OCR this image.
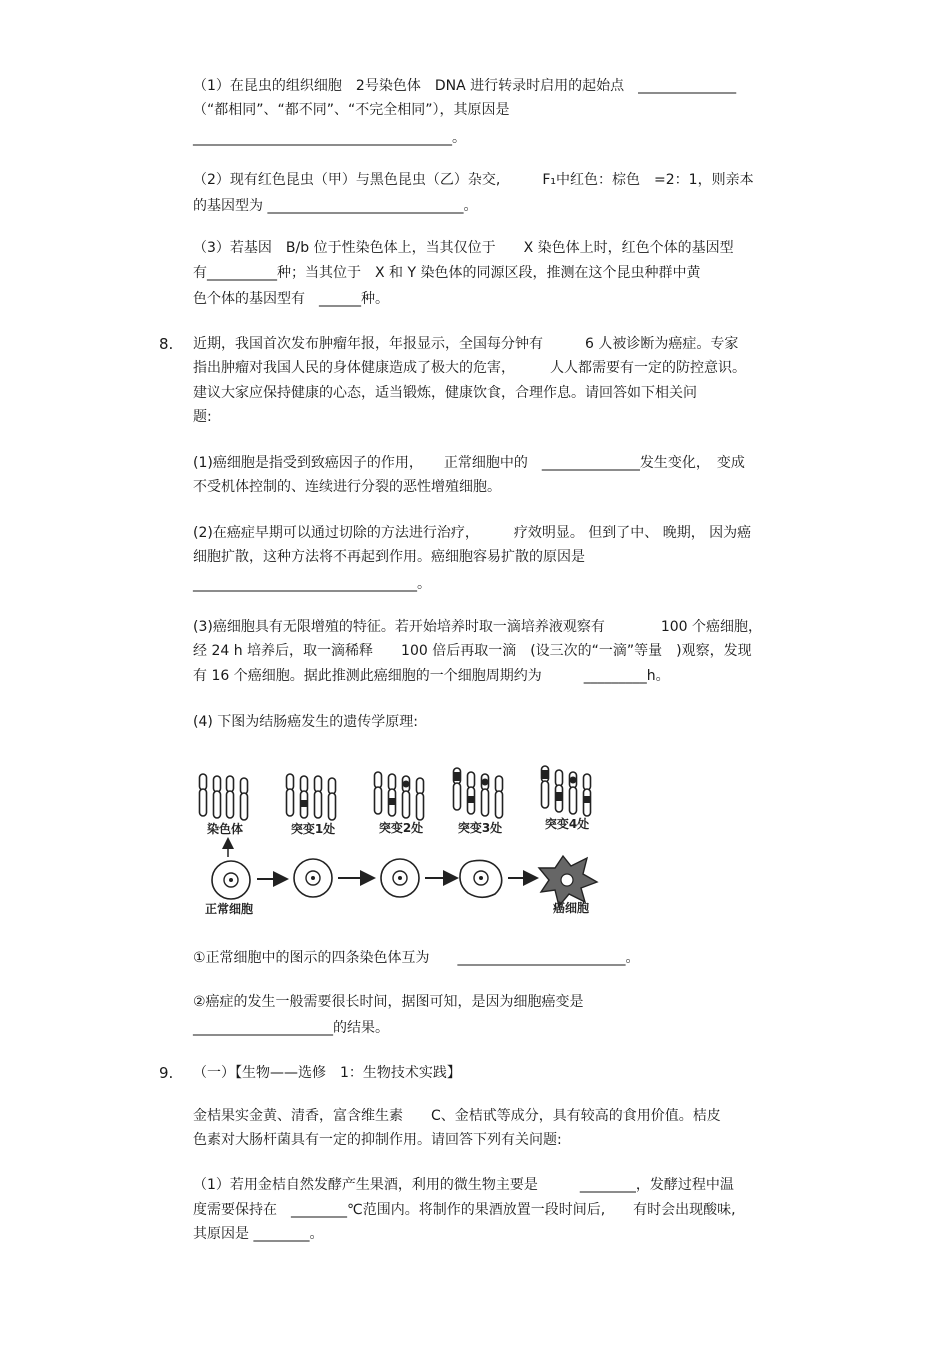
（1）在昆虫的组织细胞　2号染色体　DNA 进行转录时启用的起始点　______________
（“都相同”、“都不同”、“不完全相同”），其原因是
_____________________________________。
（2）现有红色昆虫（甲）与黑色昆虫（乙）杂交,　　　F₁中红色：棕色　=2：1，则亲本
的基因型为 ____________________________。
（3）若基因　B/b 位于性染色体上，当其仅位于　　X 染色体上时，红色个体的基因型
有__________种；当其位于　X 和 Y 染色体的同源区段，推测在这个昆虫种群中黄
色个体的基因型有　______种。
8. 近期，我国首次发布肿瘤年报，年报显示，全国每分钟有　　　6 人被诊断为癌症。专家
指出肿瘤对我国人民的身体健康造成了极大的危害，　　　人人都需要有一定的防控意识。
建议大家应保持健康的心态，适当锻炼，健康饮食，合理作息。请回答如下相关问
题:
(1)癌细胞是指受到致癌因子的作用，　　正常细胞中的　______________发生变化，　变成
不受机体控制的、连续进行分裂的恶性增殖细胞。
(2)在癌症早期可以通过切除的方法进行治疗，　　　疗效明显。 但到了中、 晚期， 因为癌
细胞扩散，这种方法将不再起到作用。癌细胞容易扩散的原因是
________________________________。
(3)癌细胞具有无限增殖的特征。若开始培养时取一滴培养液观察有　　　　100 个癌细胞，
经 24 h 培养后，取一滴稀释　　100 倍后再取一滴　(设三次的“一滴”等量　)观察，发现
有 16 个癌细胞。据此推测此癌细胞的一个细胞周期约为　　　_________h。
(4) 下图为结肠癌发生的遗传学原理:
染色体	突变1处	突变2处	突变3处	突变4处
正常细胞	癌细胞
①正常细胞中的图示的四条染色体互为　　________________________。
②癌症的发生一般需要很长时间，据图可知，是因为细胞癌变是
____________________的结果。
9. （一）【生物——选修　1：生物技术实践】
金桔果实金黄、清香，富含维生素　　C、金桔甙等成分，具有较高的食用价值。桔皮
色素对大肠杆菌具有一定的抑制作用。请回答下列有关问题:
（1）若用金桔自然发酵产生果酒，利用的微生物主要是　　　________，发酵过程中温
度需要保持在　________℃范围内。将制作的果酒放置一段时间后,　　有时会出现酸味,
其原因是 ________。
